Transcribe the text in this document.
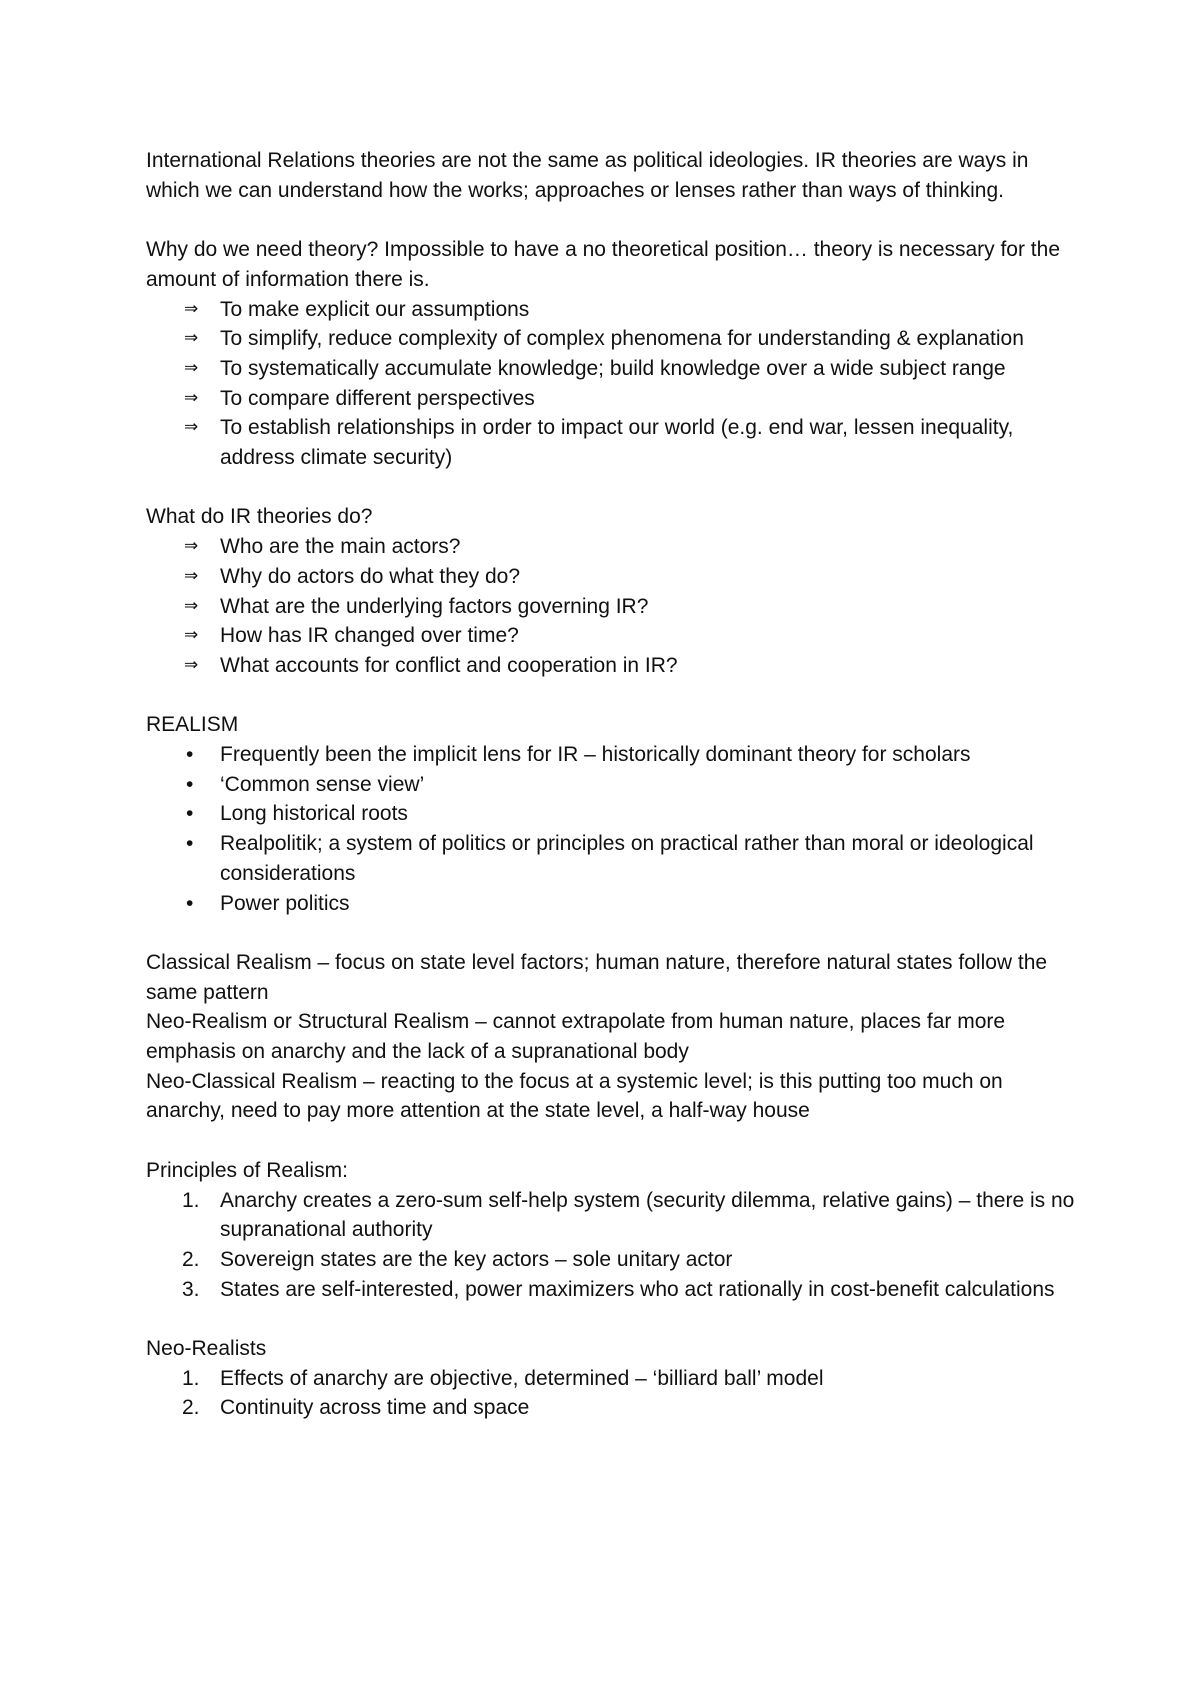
International Relations theories are not the same as political ideologies. IR theories are ways in which we can understand how the works; approaches or lenses rather than ways of thinking.

Why do we need theory? Impossible to have a no theoretical position… theory is necessary for the amount of information there is.

⇒	To make explicit our assumptions
⇒	To simplify, reduce complexity of complex phenomena for understanding & explanation
⇒	To systematically accumulate knowledge; build knowledge over a wide subject range
⇒	To compare different perspectives
⇒	To establish relationships in order to impact our world (e.g. end war, lessen inequality, address climate security)

What do IR theories do?

⇒	Who are the main actors?
⇒	Why do actors do what they do?
⇒	What are the underlying factors governing IR?
⇒	How has IR changed over time?
⇒	What accounts for conflict and cooperation in IR?

REALISM

•	Frequently been the implicit lens for IR – historically dominant theory for scholars
•	‘Common sense view’
•	Long historical roots
•	Realpolitik; a system of politics or principles on practical rather than moral or ideological considerations
•	Power politics
Classical Realism – focus on state level factors; human nature, therefore natural states follow the same pattern
Neo-Realism or Structural Realism – cannot extrapolate from human nature, places far more emphasis on anarchy and the lack of a supranational body
Neo-Classical Realism – reacting to the focus at a systemic level; is this putting too much on anarchy, need to pay more attention at the state level, a half-way house

Principles of Realism:

1. Anarchy creates a zero-sum self-help system (security dilemma, relative gains) – there is no supranational authority
2. Sovereign states are the key actors – sole unitary actor
3. States are self-interested, power maximizers who act rationally in cost-benefit calculations

Neo-Realists

1. Effects of anarchy are objective, determined – ‘billiard ball’ model
2. Continuity across time and space
